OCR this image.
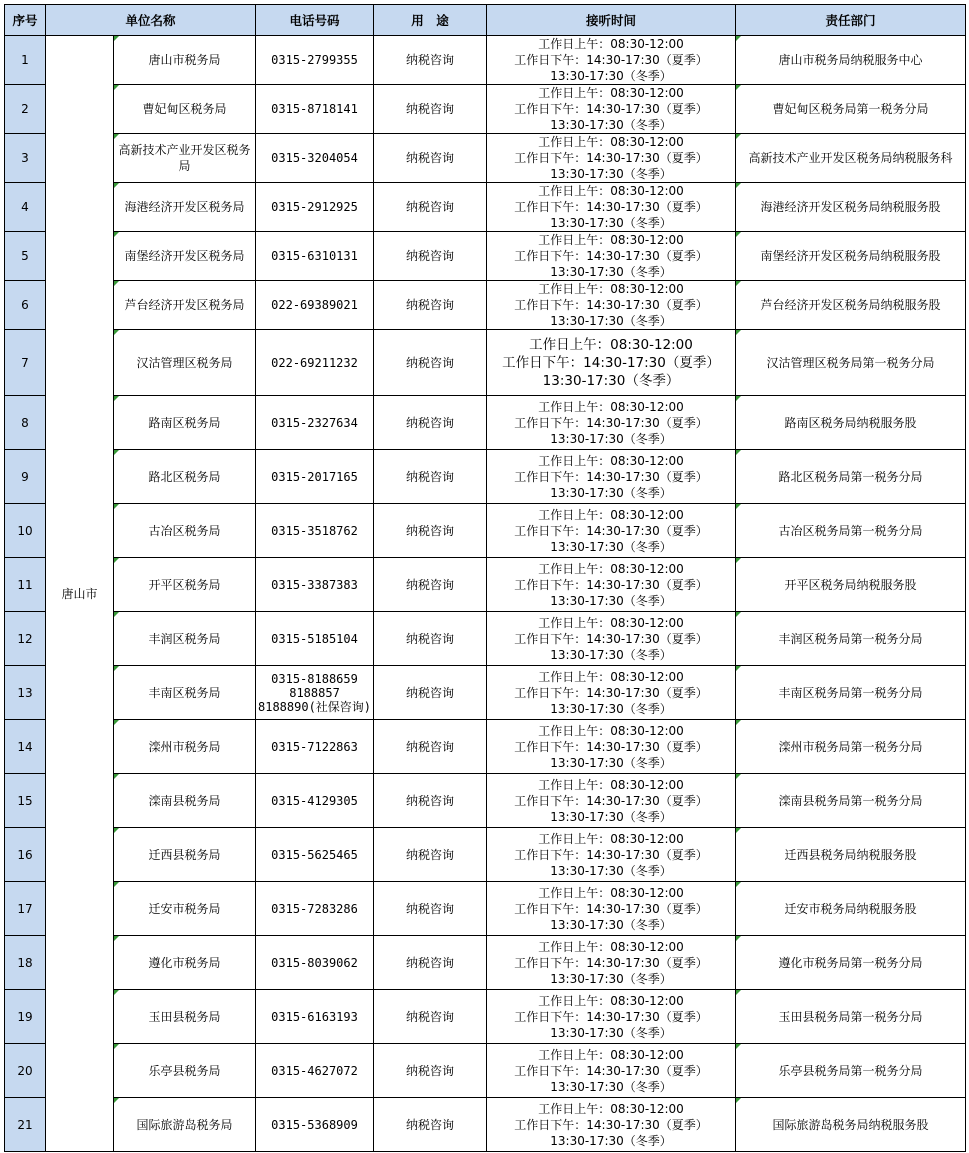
序号	单位名称		电话号码	用　途	接听时间	责任部门
1	唐山市	唐山市税务局	0315-2799355	纳税咨询	工作日上午：08:30-12:00
工作日下午：14:30-17:30（夏季）
13:30-17:30（冬季）	唐山市税务局纳税服务中心
2		曹妃甸区税务局	0315-8718141	纳税咨询	工作日上午：08:30-12:00
工作日下午：14:30-17:30（夏季）
13:30-17:30（冬季）	曹妃甸区税务局第一税务分局
3		高新技术产业开发区税务局	0315-3204054	纳税咨询	工作日上午：08:30-12:00
工作日下午：14:30-17:30（夏季）
13:30-17:30（冬季）	高新技术产业开发区税务局纳税服务科
4		海港经济开发区税务局	0315-2912925	纳税咨询	工作日上午：08:30-12:00
工作日下午：14:30-17:30（夏季）
13:30-17:30（冬季）	海港经济开发区税务局纳税服务股
5		南堡经济开发区税务局	0315-6310131	纳税咨询	工作日上午：08:30-12:00
工作日下午：14:30-17:30（夏季）
13:30-17:30（冬季）	南堡经济开发区税务局纳税服务股
6		芦台经济开发区税务局	022-69389021	纳税咨询	工作日上午：08:30-12:00
工作日下午：14:30-17:30（夏季）
13:30-17:30（冬季）	芦台经济开发区税务局纳税服务股
7		汉沽管理区税务局	022-69211232	纳税咨询	工作日上午：08:30-12:00
工作日下午：14:30-17:30（夏季）
13:30-17:30（冬季）	汉沽管理区税务局第一税务分局
8		路南区税务局	0315-2327634	纳税咨询	工作日上午：08:30-12:00
工作日下午：14:30-17:30（夏季）
13:30-17:30（冬季）	路南区税务局纳税服务股
9		路北区税务局	0315-2017165	纳税咨询	工作日上午：08:30-12:00
工作日下午：14:30-17:30（夏季）
13:30-17:30（冬季）	路北区税务局第一税务分局
10		古冶区税务局	0315-3518762	纳税咨询	工作日上午：08:30-12:00
工作日下午：14:30-17:30（夏季）
13:30-17:30（冬季）	古冶区税务局第一税务分局
11		开平区税务局	0315-3387383	纳税咨询	工作日上午：08:30-12:00
工作日下午：14:30-17:30（夏季）
13:30-17:30（冬季）	开平区税务局纳税服务股
12		丰润区税务局	0315-5185104	纳税咨询	工作日上午：08:30-12:00
工作日下午：14:30-17:30（夏季）
13:30-17:30（冬季）	丰润区税务局第一税务分局
13		丰南区税务局	0315-8188659
8188857
8188890(社保咨询)	纳税咨询	工作日上午：08:30-12:00
工作日下午：14:30-17:30（夏季）
13:30-17:30（冬季）	丰南区税务局第一税务分局
14		滦州市税务局	0315-7122863	纳税咨询	工作日上午：08:30-12:00
工作日下午：14:30-17:30（夏季）
13:30-17:30（冬季）	滦州市税务局第一税务分局
15		滦南县税务局	0315-4129305	纳税咨询	工作日上午：08:30-12:00
工作日下午：14:30-17:30（夏季）
13:30-17:30（冬季）	滦南县税务局第一税务分局
16		迁西县税务局	0315-5625465	纳税咨询	工作日上午：08:30-12:00
工作日下午：14:30-17:30（夏季）
13:30-17:30（冬季）	迁西县税务局纳税服务股
17		迁安市税务局	0315-7283286	纳税咨询	工作日上午：08:30-12:00
工作日下午：14:30-17:30（夏季）
13:30-17:30（冬季）	迁安市税务局纳税服务股
18		遵化市税务局	0315-8039062	纳税咨询	工作日上午：08:30-12:00
工作日下午：14:30-17:30（夏季）
13:30-17:30（冬季）	遵化市税务局第一税务分局
19		玉田县税务局	0315-6163193	纳税咨询	工作日上午：08:30-12:00
工作日下午：14:30-17:30（夏季）
13:30-17:30（冬季）	玉田县税务局第一税务分局
20		乐亭县税务局	0315-4627072	纳税咨询	工作日上午：08:30-12:00
工作日下午：14:30-17:30（夏季）
13:30-17:30（冬季）	乐亭县税务局第一税务分局
21		国际旅游岛税务局	0315-5368909	纳税咨询	工作日上午：08:30-12:00
工作日下午：14:30-17:30（夏季）
13:30-17:30（冬季）	国际旅游岛税务局纳税服务股
